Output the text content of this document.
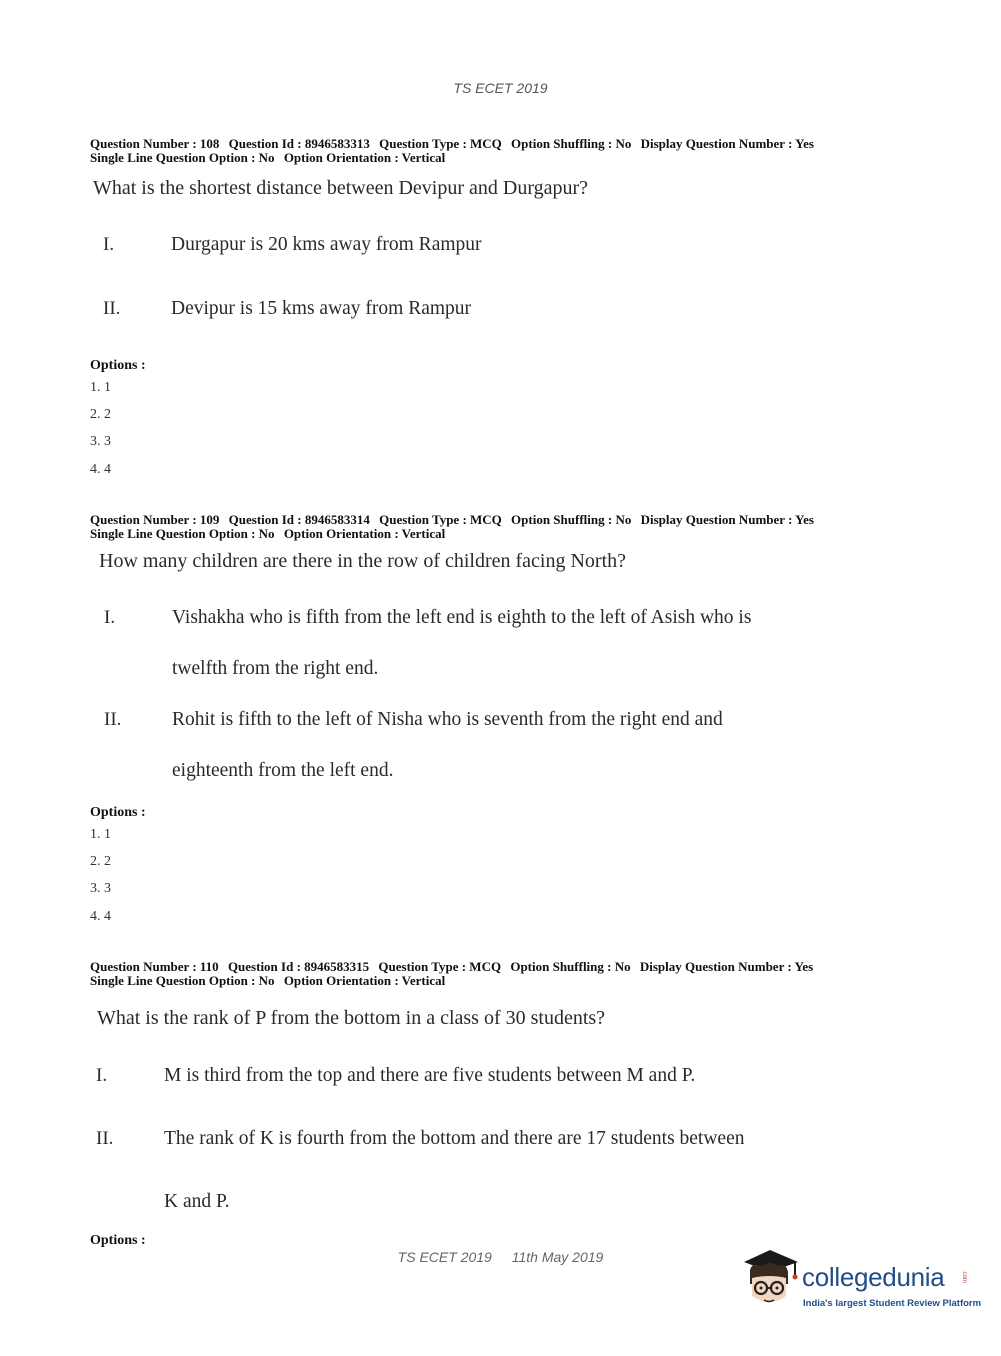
TS ECET 2019
Question Number : 108 Question Id : 8946583313 Question Type : MCQ Option Shuffling : No Display Question Number : Yes
Single Line Question Option : No Option Orientation : Vertical
What is the shortest distance between Devipur and Durgapur?
I.	Durgapur is 20 kms away from Rampur
II.	Devipur is 15 kms away from Rampur
Options :
1. 1
2. 2
3. 3
4. 4
Question Number : 109 Question Id : 8946583314 Question Type : MCQ Option Shuffling : No Display Question Number : Yes
Single Line Question Option : No Option Orientation : Vertical
How many children are there in the row of children facing North?
I.	Vishakha who is fifth from the left end is eighth to the left of Asish who is
twelfth from the right end.
II.	Rohit is fifth to the left of Nisha who is seventh from the right end and
eighteenth from the left end.
Options :
1. 1
2. 2
3. 3
4. 4
Question Number : 110 Question Id : 8946583315 Question Type : MCQ Option Shuffling : No Display Question Number : Yes
Single Line Question Option : No Option Orientation : Vertical
What is the rank of P from the bottom in a class of 30 students?
I.	M is third from the top and there are five students between M and P.
II.	The rank of K is fourth from the bottom and there are 17 students between
K and P.
Options :
TS ECET 2019 11th May 2019
collegedunia	.com
India's largest Student Review Platform
